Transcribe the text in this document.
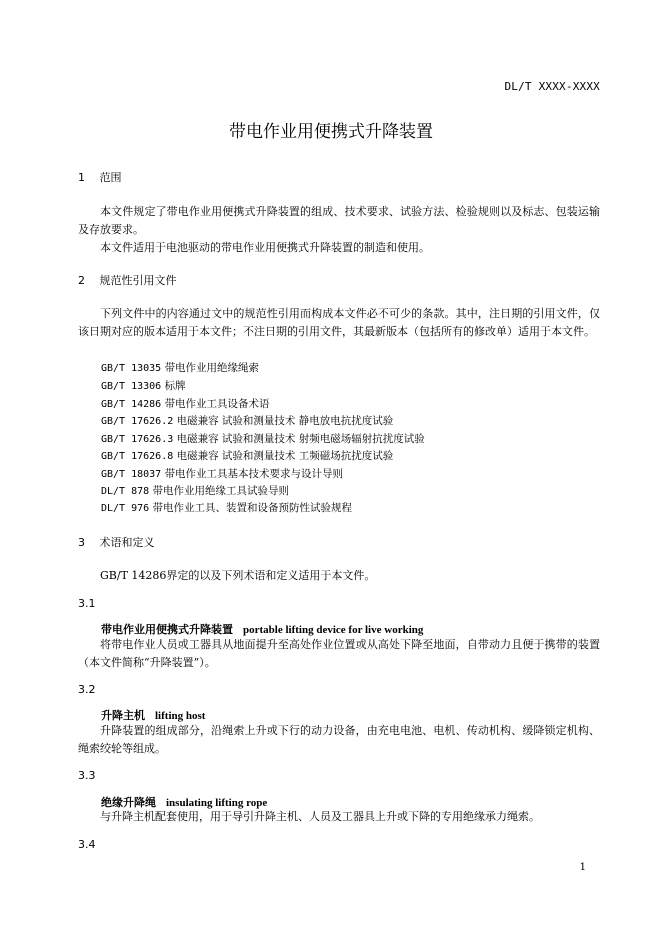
DL/T XXXX-XXXX
带电作业用便携式升降装置
1 范围
本文件规定了带电作业用便携式升降装置的组成、技术要求、试验方法、检验规则以及标志、包装运输及存放要求。
本文件适用于电池驱动的带电作业用便携式升降装置的制造和使用。
2 规范性引用文件
下列文件中的内容通过文中的规范性引用而构成本文件必不可少的条款。其中，注日期的引用文件，仅该日期对应的版本适用于本文件；不注日期的引用文件，其最新版本（包括所有的修改单）适用于本文件。
GB/T 13035 带电作业用绝缘绳索
GB/T 13306 标牌
GB/T 14286 带电作业工具设备术语
GB/T 17626.2 电磁兼容 试验和测量技术 静电放电抗扰度试验
GB/T 17626.3 电磁兼容 试验和测量技术 射频电磁场辐射抗扰度试验
GB/T 17626.8 电磁兼容 试验和测量技术 工频磁场抗扰度试验
GB/T 18037 带电作业工具基本技术要求与设计导则
DL/T 878 带电作业用绝缘工具试验导则
DL/T 976 带电作业工具、装置和设备预防性试验规程
3 术语和定义
GB/T 14286界定的以及下列术语和定义适用于本文件。
3.1
带电作业用便携式升降装置 portable lifting device for live working
将带电作业人员或工器具从地面提升至高处作业位置或从高处下降至地面，自带动力且便于携带的装置（本文件简称“升降装置”）。
3.2
升降主机 lifting host
升降装置的组成部分，沿绳索上升或下行的动力设备，由充电电池、电机、传动机构、缓降锁定机构、绳索绞轮等组成。
3.3
绝缘升降绳 insulating lifting rope
与升降主机配套使用，用于导引升降主机、人员及工器具上升或下降的专用绝缘承力绳索。
3.4
1
